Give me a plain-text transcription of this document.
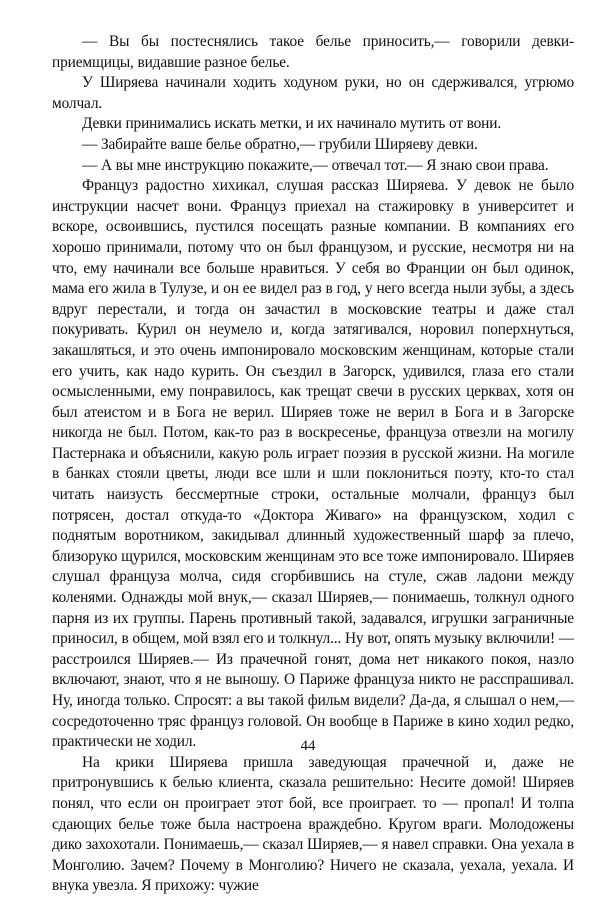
— Вы бы постеснялись такое белье приносить,— говорили девки-приемщицы, видавшие разное белье.

У Ширяева начинали ходить ходуном руки, но он сдерживался, угрюмо молчал.

Девки принимались искать метки, и их начинало мутить от вони.

— Забирайте ваше белье обратно,— грубили Ширяеву девки.

— А вы мне инструкцию покажите,— отвечал тот.— Я знаю свои права.

Француз радостно хихикал, слушая рассказ Ширяева. У девок не было инструкции насчет вони. Француз приехал на стажировку в университет и вскоре, освоившись, пустился посещать разные компании. В компаниях его хорошо принимали, потому что он был французом, и русские, несмотря ни на что, ему начинали все больше нравиться. У себя во Франции он был одинок, мама его жила в Тулузе, и он ее видел раз в год, у него всегда ныли зубы, а здесь вдруг перестали, и тогда он зачастил в московские театры и даже стал покуривать. Курил он неумело и, когда затягивался, норовил поперхнуться, закашляться, и это очень импонировало московским женщинам, которые стали его учить, как надо курить. Он съездил в Загорск, удивился, глаза его стали осмысленными, ему понравилось, как трещат свечи в русских церквах, хотя он был атеистом и в Бога не верил. Ширяев тоже не верил в Бога и в Загорске никогда не был. Потом, как-то раз в воскресенье, француза отвезли на могилу Пастернака и объяснили, какую роль играет поэзия в русской жизни. На могиле в банках стояли цветы, люди все шли и шли поклониться поэту, кто-то стал читать наизусть бессмертные строки, остальные молчали, француз был потрясен, достал откуда-то «Доктора Живаго» на французском, ходил с поднятым воротником, закидывал длинный художественный шарф за плечо, близоруко щурился, московским женщинам это все тоже импонировало. Ширяев слушал француза молча, сидя сгорбившись на стуле, сжав ладони между коленями. Однажды мой внук,— сказал Ширяев,— понимаешь, толкнул одного парня из их группы. Парень противный такой, задавался, игрушки заграничные приносил, в общем, мой взял его и толкнул... Ну вот, опять музыку включили! — расстроился Ширяев.— Из прачечной гонят, дома нет никакого покоя, назло включают, знают, что я не выношу. О Париже француза никто не расспрашивал. Ну, иногда только. Спросят: а вы такой фильм видели? Да-да, я слышал о нем,— сосредоточенно тряс француз головой. Он вообще в Париже в кино ходил редко, практически не ходил.

На крики Ширяева пришла заведующая прачечной и, даже не притронувшись к белью клиента, сказала решительно: Несите домой! Ширяев понял, что если он проиграет этот бой, все проиграет. то — пропал! И толпа сдающих белье тоже была настроена враждебно. Кругом враги. Молодожены дико захохотали. Понимаешь,— сказал Ширяев,— я навел справки. Она уехала в Монголию. Зачем? Почему в Монголию? Ничего не сказала, уехала, уехала. И внука увезла. Я прихожу: чужие

44
